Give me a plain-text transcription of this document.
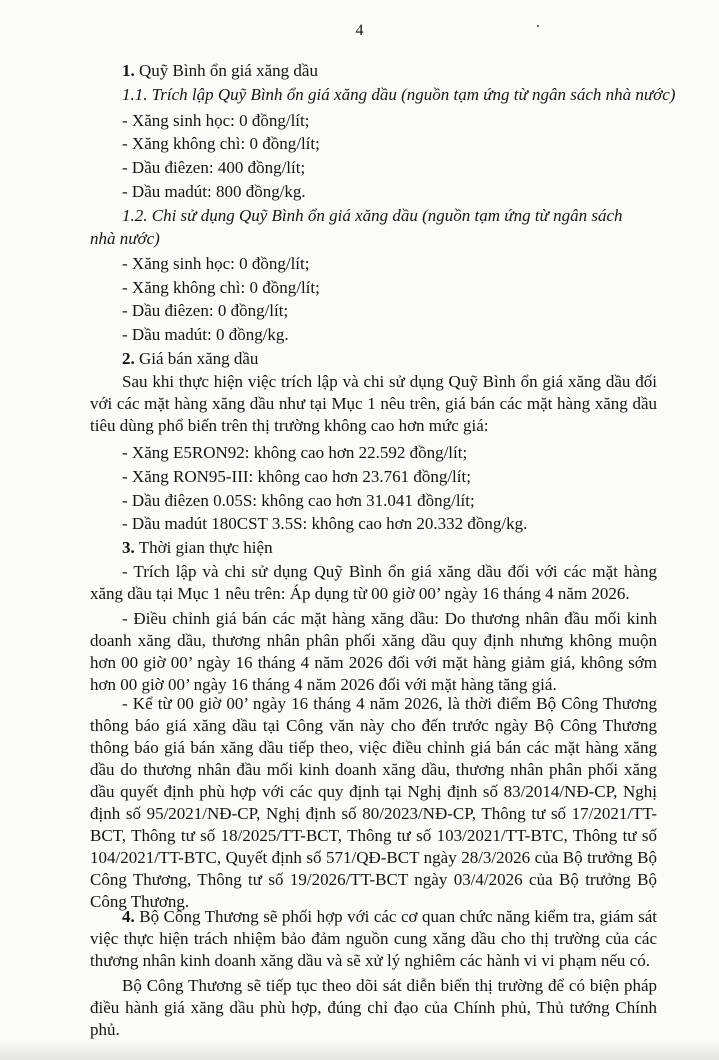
4
1. Quỹ Bình ổn giá xăng dầu
1.1. Trích lập Quỹ Bình ổn giá xăng dầu (nguồn tạm ứng từ ngân sách nhà nước)
- Xăng sinh học: 0 đồng/lít;
- Xăng không chì: 0 đồng/lít;
- Dầu điêzen: 400 đồng/lít;
- Dầu madút: 800 đồng/kg.
1.2. Chi sử dụng Quỹ Bình ổn giá xăng dầu (nguồn tạm ứng từ ngân sách
nhà nước)
- Xăng sinh học: 0 đồng/lít;
- Xăng không chì: 0 đồng/lít;
- Dầu điêzen: 0 đồng/lít;
- Dầu madút: 0 đồng/kg.
2. Giá bán xăng dầu
Sau khi thực hiện việc trích lập và chi sử dụng Quỹ Bình ổn giá xăng dầu đối với các mặt hàng xăng dầu như tại Mục 1 nêu trên, giá bán các mặt hàng xăng dầu tiêu dùng phổ biến trên thị trường không cao hơn mức giá:
- Xăng E5RON92: không cao hơn 22.592 đồng/lít;
- Xăng RON95-III: không cao hơn 23.761 đồng/lít;
- Dầu điêzen 0.05S: không cao hơn 31.041 đồng/lít;
- Dầu madút 180CST 3.5S: không cao hơn 20.332 đồng/kg.
3. Thời gian thực hiện
- Trích lập và chi sử dụng Quỹ Bình ổn giá xăng dầu đối với các mặt hàng xăng dầu tại Mục 1 nêu trên: Áp dụng từ 00 giờ 00’ ngày 16 tháng 4 năm 2026.
- Điều chỉnh giá bán các mặt hàng xăng dầu: Do thương nhân đầu mối kinh doanh xăng dầu, thương nhân phân phối xăng dầu quy định nhưng không muộn hơn 00 giờ 00’ ngày 16 tháng 4 năm 2026 đối với mặt hàng giảm giá, không sớm hơn 00 giờ 00’ ngày 16 tháng 4 năm 2026 đối với mặt hàng tăng giá.
- Kể từ 00 giờ 00’ ngày 16 tháng 4 năm 2026, là thời điểm Bộ Công Thương thông báo giá xăng dầu tại Công văn này cho đến trước ngày Bộ Công Thương thông báo giá bán xăng dầu tiếp theo, việc điều chỉnh giá bán các mặt hàng xăng dầu do thương nhân đầu mối kinh doanh xăng dầu, thương nhân phân phối xăng dầu quyết định phù hợp với các quy định tại Nghị định số 83/2014/NĐ-CP, Nghị định số 95/2021/NĐ-CP, Nghị định số 80/2023/NĐ-CP, Thông tư số 17/2021/TT-BCT, Thông tư số 18/2025/TT-BCT, Thông tư số 103/2021/TT-BTC, Thông tư số 104/2021/TT-BTC, Quyết định số 571/QĐ-BCT ngày 28/3/2026 của Bộ trưởng Bộ Công Thương, Thông tư số 19/2026/TT-BCT ngày 03/4/2026 của Bộ trưởng Bộ Công Thương.
4. Bộ Công Thương sẽ phối hợp với các cơ quan chức năng kiểm tra, giám sát việc thực hiện trách nhiệm bảo đảm nguồn cung xăng dầu cho thị trường của các thương nhân kinh doanh xăng dầu và sẽ xử lý nghiêm các hành vi vi phạm nếu có.
Bộ Công Thương sẽ tiếp tục theo dõi sát diễn biến thị trường để có biện pháp điều hành giá xăng dầu phù hợp, đúng chỉ đạo của Chính phủ, Thủ tướng Chính phủ.
